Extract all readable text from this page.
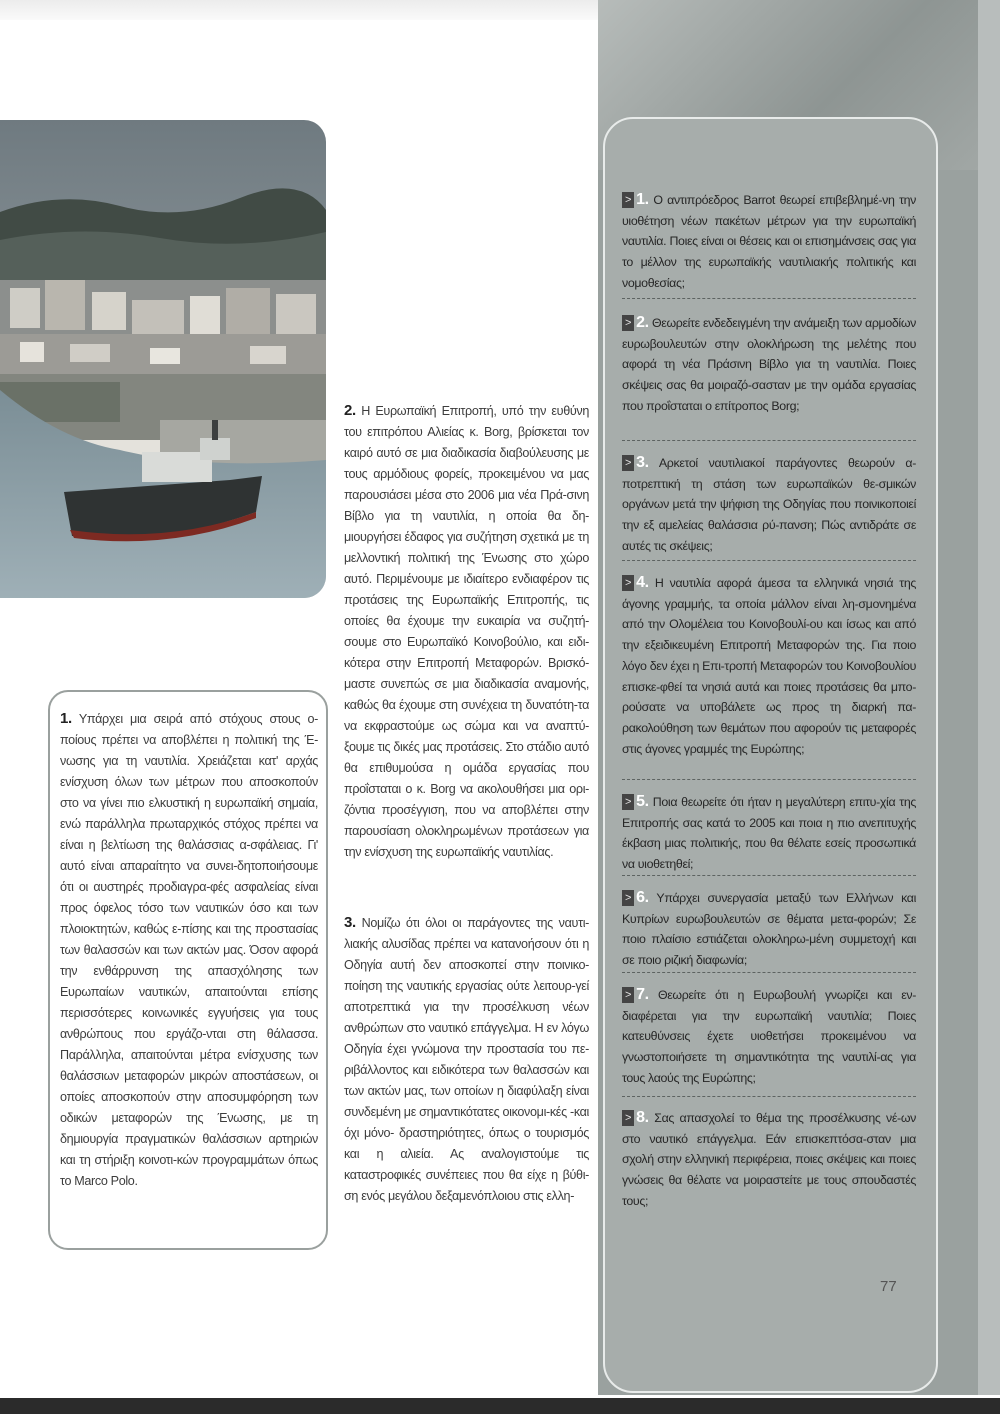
1. Υπάρχει μια σειρά από στόχους στους ο-ποίους πρέπει να αποβλέπει η πολιτική της Έ-νωσης για τη ναυτιλία. Χρειάζεται κατ' αρχάς ενίσχυση όλων των μέτρων που αποσκοπούν στο να γίνει πιο ελκυστική η ευρωπαϊκή σημαία, ενώ παράλληλα πρωταρχικός στόχος πρέπει να είναι η βελτίωση της θαλάσσιας α-σφάλειας. Γι' αυτό είναι απαραίτητο να συνει-δητοποιήσουμε ότι οι αυστηρές προδιαγρα-φές ασφαλείας είναι προς όφελος τόσο των ναυτικών όσο και των πλοιοκτητών, καθώς ε-πίσης και της προστασίας των θαλασσών και των ακτών μας. Όσον αφορά την ενθάρρυνση της απασχόλησης των Ευρωπαίων ναυτικών, απαιτούνται επίσης περισσότερες κοινωνικές εγγυήσεις για τους ανθρώπους που εργάζο-νται στη θάλασσα. Παράλληλα, απαιτούνται μέτρα ενίσχυσης των θαλάσσιων μεταφορών μικρών αποστάσεων, οι οποίες αποσκοπούν στην αποσυμφόρηση των οδικών μεταφορών της Ένωσης, με τη δημιουργία πραγματικών θαλάσσιων αρτηριών και τη στήριξη κοινοτι-κών προγραμμάτων όπως το Marco Polo.
2. Η Ευρωπαϊκή Επιτροπή, υπό την ευθύνη του επιτρόπου Αλιείας κ. Borg, βρίσκεται τον καιρό αυτό σε μια διαδικασία διαβούλευσης με τους αρμόδιους φορείς, προκειμένου να μας παρουσιάσει μέσα στο 2006 μια νέα Πρά-σινη Βίβλο για τη ναυτιλία, η οποία θα δη-μιουργήσει έδαφος για συζήτηση σχετικά με τη μελλοντική πολιτική της Ένωσης στο χώρο αυτό. Περιμένουμε με ιδιαίτερο ενδιαφέρον τις προτάσεις της Ευρωπαϊκής Επιτροπής, τις οποίες θα έχουμε την ευκαιρία να συζητή-σουμε στο Ευρωπαϊκό Κοινοβούλιο, και ειδι-κότερα στην Επιτροπή Μεταφορών. Βρισκό-μαστε συνεπώς σε μια διαδικασία αναμονής, καθώς θα έχουμε στη συνέχεια τη δυνατότη-τα να εκφραστούμε ως σώμα και να αναπτύ-ξουμε τις δικές μας προτάσεις. Στο στάδιο αυτό θα επιθυμούσα η ομάδα εργασίας που προΐσταται ο κ. Borg να ακολουθήσει μια ορι-ζόντια προσέγγιση, που να αποβλέπει στην παρουσίαση ολοκληρωμένων προτάσεων για την ενίσχυση της ευρωπαϊκής ναυτιλίας.
3. Νομίζω ότι όλοι οι παράγοντες της ναυτι-λιακής αλυσίδας πρέπει να κατανοήσουν ότι η Οδηγία αυτή δεν αποσκοπεί στην ποινικο-ποίηση της ναυτικής εργασίας ούτε λειτουρ-γεί αποτρεπτικά για την προσέλκυση νέων ανθρώπων στο ναυτικό επάγγελμα. Η εν λόγω Οδηγία έχει γνώμονα την προστασία του πε-ριβάλλοντος και ειδικότερα των θαλασσών και των ακτών μας, των οποίων η διαφύλαξη είναι συνδεμένη με σημαντικότατες οικονομι-κές -και όχι μόνο- δραστηριότητες, όπως ο τουρισμός και η αλιεία. Ας αναλογιστούμε τις καταστροφικές συνέπειες που θα είχε η βύθι-ση ενός μεγάλου δεξαμενόπλοιου στις ελλη-
> 1. Ο αντιπρόεδρος Barrot θεωρεί επιβεβλημέ-νη την υιοθέτηση νέων πακέτων μέτρων για την ευρωπαϊκή ναυτιλία. Ποιες είναι οι θέσεις και οι επισημάνσεις σας για το μέλλον της ευρωπαϊκής ναυτιλιακής πολιτικής και νομοθεσίας;
> 2. Θεωρείτε ενδεδειγμένη την ανάμειξη των αρμοδίων ευρωβουλευτών στην ολοκλήρωση της μελέτης που αφορά τη νέα Πράσινη Βίβλο για τη ναυτιλία. Ποιες σκέψεις σας θα μοιραζό-σασταν με την ομάδα εργασίας που προΐσταται ο επίτροπος Borg;
> 3. Αρκετοί ναυτιλιακοί παράγοντες θεωρούν α-ποτρεπτική τη στάση των ευρωπαϊκών θε-σμικών οργάνων μετά την ψήφιση της Οδηγίας που ποινικοποιεί την εξ αμελείας θαλάσσια ρύ-πανση; Πώς αντιδράτε σε αυτές τις σκέψεις;
> 4. Η ναυτιλία αφορά άμεσα τα ελληνικά νησιά της άγονης γραμμής, τα οποία μάλλον είναι λη-σμονημένα από την Ολομέλεια του Κοινοβουλί-ου και ίσως και από την εξειδικευμένη Επιτροπή Μεταφορών της. Για ποιο λόγο δεν έχει η Επι-τροπή Μεταφορών του Κοινοβουλίου επισκε-φθεί τα νησιά αυτά και ποιες προτάσεις θα μπο-ρούσατε να υποβάλετε ως προς τη διαρκή πα-ρακολούθηση των θεμάτων που αφορούν τις μεταφορές στις άγονες γραμμές της Ευρώπης;
> 5. Ποια θεωρείτε ότι ήταν η μεγαλύτερη επιτυ-χία της Επιτροπής σας κατά το 2005 και ποια η πιο ανεπιτυχής έκβαση μιας πολιτικής, που θα θέλατε εσείς προσωπικά να υιοθετηθεί;
> 6. Υπάρχει συνεργασία μεταξύ των Ελλήνων και Κυπρίων ευρωβουλευτών σε θέματα μετα-φορών; Σε ποιο πλαίσιο εστιάζεται ολοκληρω-μένη συμμετοχή και σε ποιο ριζική διαφωνία;
> 7. Θεωρείτε ότι η Ευρωβουλή γνωρίζει και εν-διαφέρεται για την ευρωπαϊκή ναυτιλία; Ποιες κατευθύνσεις έχετε υιοθετήσει προκειμένου να γνωστοποιήσετε τη σημαντικότητα της ναυτιλί-ας για τους λαούς της Ευρώπης;
> 8. Σας απασχολεί το θέμα της προσέλκυσης νέ-ων στο ναυτικό επάγγελμα. Εάν επισκεπτόσα-σταν μια σχολή στην ελληνική περιφέρεια, ποιες σκέψεις και ποιες γνώσεις θα θέλατε να μοιραστείτε με τους σπουδαστές τους;
77
